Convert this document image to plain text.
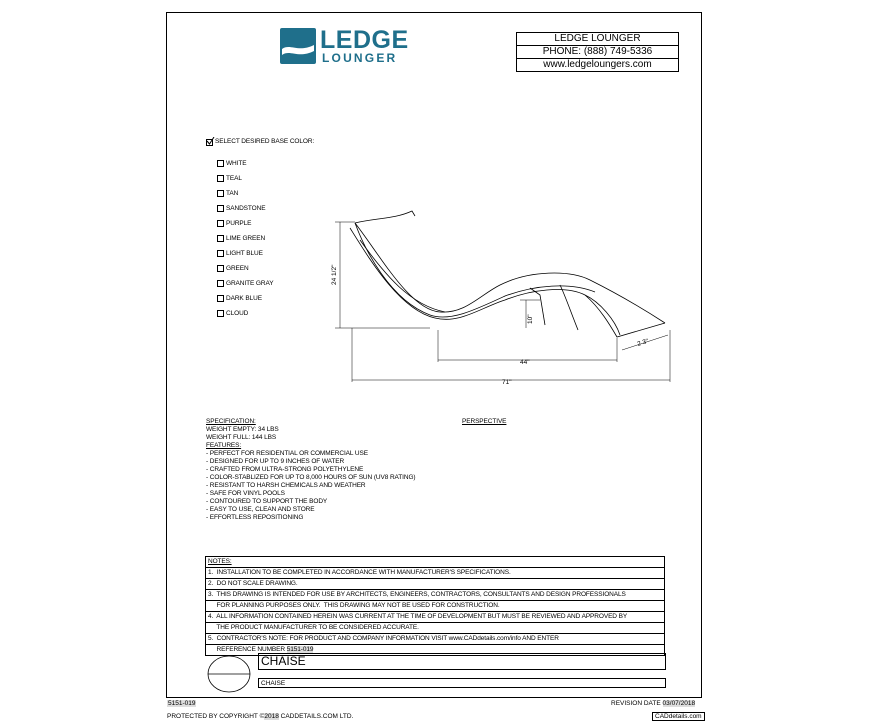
LEDGE
LOUNGER
LEDGE LOUNGER
PHONE: (888) 749-5336
www.ledgeloungers.com
SELECT DESIRED BASE COLOR:
WHITE
TEAL
TAN
SANDSTONE
PURPLE
LIME GREEN
LIGHT BLUE
GREEN
GRANITE GRAY
DARK BLUE
CLOUD
24 1/2"
10"
44"
71"
2 3"
SPECIFICATION:
WEIGHT EMPTY: 34 LBS
WEIGHT FULL: 144 LBS
FEATURES:
- PERFECT FOR RESIDENTIAL OR COMMERCIAL USE
- DESIGNED FOR UP TO 9 INCHES OF WATER
- CRAFTED FROM ULTRA-STRONG POLYETHYLENE
- COLOR-STABLIZED FOR UP TO 8,000 HOURS OF SUN (UV8 RATING)
- RESISTANT TO HARSH CHEMICALS AND WEATHER
- SAFE FOR VINYL POOLS
- CONTOURED TO SUPPORT THE BODY
- EASY TO USE, CLEAN AND STORE
- EFFORTLESS REPOSITIONING
PERSPECTIVE
NOTES:
1.  INSTALLATION TO BE COMPLETED IN ACCORDANCE WITH MANUFACTURER'S SPECIFICATIONS.
2.  DO NOT SCALE DRAWING.
3.  THIS DRAWING IS INTENDED FOR USE BY ARCHITECTS, ENGINEERS, CONTRACTORS, CONSULTANTS AND DESIGN PROFESSIONALS
FOR PLANNING PURPOSES ONLY.  THIS DRAWING MAY NOT BE USED FOR CONSTRUCTION.
4.  ALL INFORMATION CONTAINED HEREIN WAS CURRENT AT THE TIME OF DEVELOPMENT BUT MUST BE REVIEWED AND APPROVED BY
THE PRODUCT MANUFACTURER TO BE CONSIDERED ACCURATE.
5.  CONTRACTOR'S NOTE: FOR PRODUCT AND COMPANY INFORMATION VISIT www.CADdetails.com/info AND ENTER
REFERENCE NUMBER 5151-019
CHAISE
CHAISE
5151-019	REVISION DATE 03/07/2018
PROTECTED BY COPYRIGHT ©2018 CADDETAILS.COM LTD.	CADdetails.com
